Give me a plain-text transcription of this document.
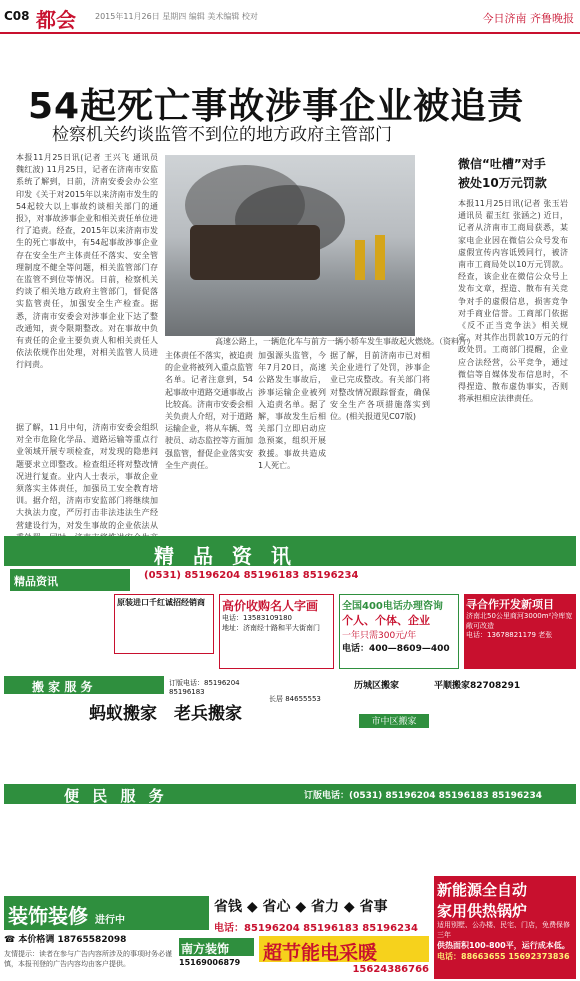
C08 都会 2015年11月26日 星期四 编辑 美术编辑 校对	今日济南 齐鲁晚报
54起死亡事故涉事企业被追责
检察机关约谈监管不到位的地方政府主管部门
本报11月25日讯(记者 王兴飞 通讯员 魏红波) 11月25日，记者在济南市安监系统了解到，日前，济南安委会办公室印发《关于对2015年以来济南市发生的54起较大以上事故约谈相关部门的通报》，对事故涉事企业和相关责任单位进行了追责。经查，2015年以来济南市发生的死亡事故中，有54起事故涉事企业存在安全生产主体责任不落实、安全管理制度不健全等问题，相关监管部门存在监管不到位等情况。日前，检察机关约谈了相关地方政府主管部门，督促落实监管责任，加强安全生产检查。据悉，济南市安委会对涉事企业下达了整改通知，责令限期整改。对在事故中负有责任的企业主要负责人和相关责任人依法依规作出处理，对相关监管人员进行问责。
据了解，11月中旬，济南市安委会组织对全市危险化学品、道路运输等重点行业领域开展专项检查，对发现的隐患问题要求立即整改。检查组还将对整改情况进行复查。业内人士表示，事故企业须落实主体责任，加强员工安全教育培训。据介绍，济南市安监部门将继续加大执法力度，严厉打击非法违法生产经营建设行为，对发生事故的企业依法从
高速公路上，一辆危化车与前方一辆小轿车发生事故起火燃烧。（资料片）
主体责任不落实，被追责的企业将被列入重点监管名单。记者注意到，54起事故中道路交通事故占比较高。济南市安委会相关负责人介绍，对于道路运输企业，将从车辆、驾驶员、动态监控等方面加强监管，督促企业落实安全生产责任。
加强源头监管，今年7月20日，高速公路发生事故后，涉事运输企业被列入追责名单。据了解，事故发生后相关部门立即启动应急预案，组织开展救援。事故共造成1人死亡。
据了解，目前济南市已对相关企业进行了处罚，涉事企业已完成整改。有关部门将对整改情况跟踪督查，确保安全生产各项措施落实到位。(相关报道见C07版)
微信“吐槽”对手
被处10万元罚款
本报11月25日讯(记者 张玉岩 通讯员 翟玉红 张涵之) 近日，记者从济南市工商局获悉，某家电企业因在微信公众号发布虚假宣传内容诋毁同行，被济南市工商局处以10万元罚款。经查，该企业在微信公众号上发布文章，捏造、散布有关竞争对手的虚假信息，损害竞争对手商业信誉。工商部门依据《反不正当竞争法》相关规定，对其作出罚款10万元的行政处罚。工商部门提醒，企业应合法经营，公平竞争，通过微信等自媒体发布信息时，不得捏造、散布虚伪事实，否则将承担相应法律责任。
精 品 资 讯
精品资讯	(0531) 85196204 85196183 85196234
原装进口千红诚招经销商	高价收购名人字画
电话：13583109180
地址：济南经十路和平大街南门
全国400电话办理咨询
个人、个体、企业
一年只需300元/年
电话：400—8609—400
寻合作开发新项目
济南北50公里商河3000m²冷库宽敞可改造
电话：13678821179 老张
搬 家 服 务	订版电话：85196204 85196183
蚂蚁搬家	老兵搬家
历城区搬家	平顺搬家82708291
长居 84655553
市中区搬家
便 民 服 务	订版电话：(0531) 85196204 85196183 85196234
装饰装修 进行中
☎ 本价格调 18765582098
省钱 ◆ 省心 ◆ 省力 ◆ 省事
电话：85196204 85196183 85196234
南方装饰
15169006879	超节能电采暖
15624386766
新能源全自动
家用供热锅炉
适用别墅、公办楼、民宅、门店，免费保修三年
供热面积100-800平，运行成本低。
电话：88663655 15692373836
友情提示：读者在参与广告内容所涉及的事项时务必谨慎，本报刊登的广告内容均由客户提供。
